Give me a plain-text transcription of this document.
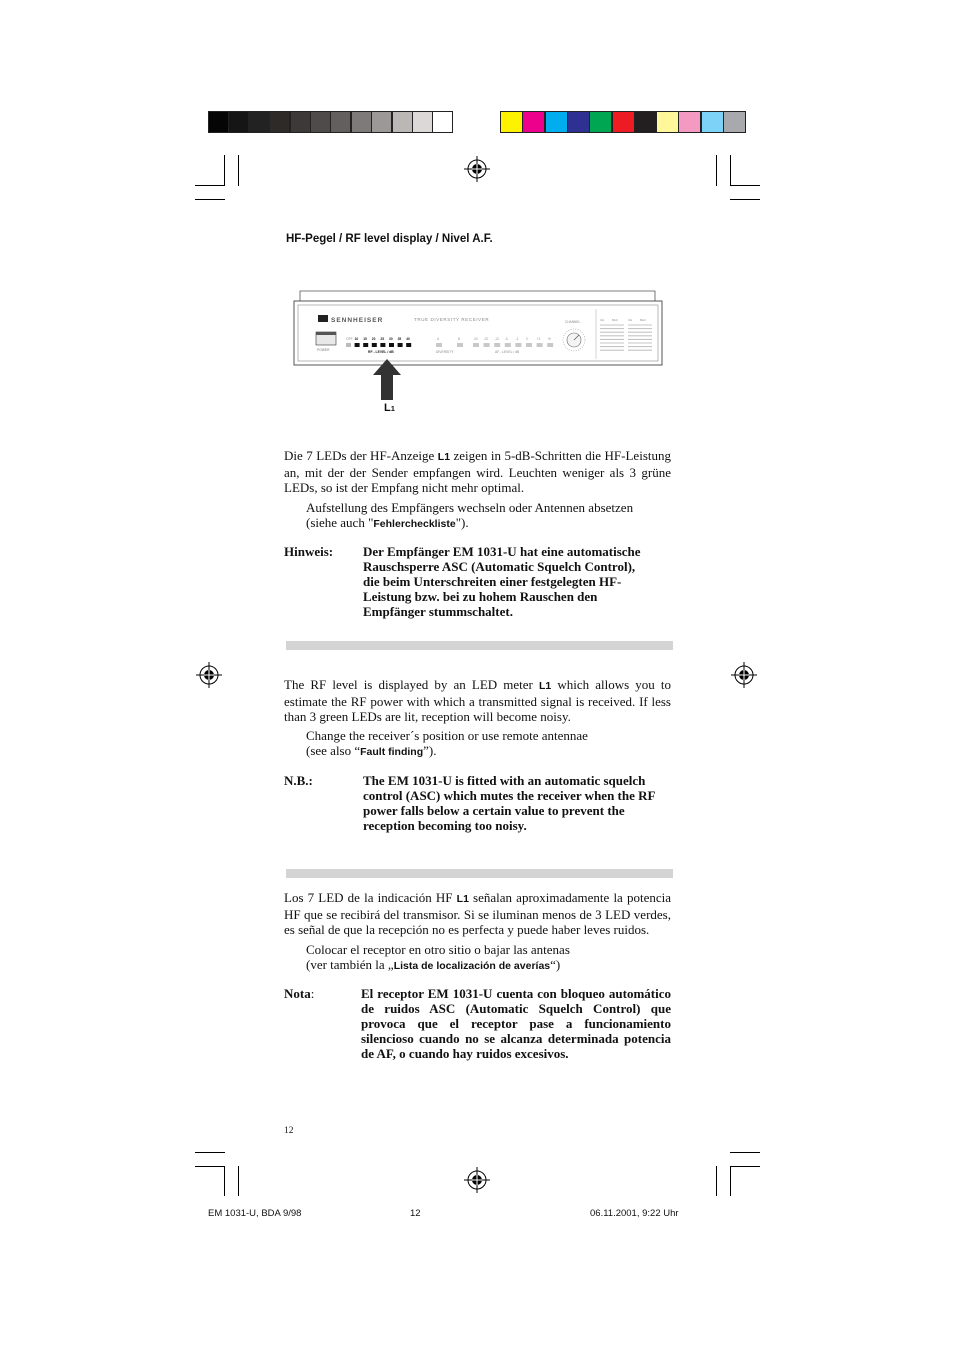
HF-Pegel / RF level display / Nivel A.F.
SENNHEISER	TRUE DIVERSITY RECEIVER
POWER
OFF 10 15 20 25 30 35 40
RF - LEVEL / dB
A	B
DIVERSITY
-30 -20 -10 -6 -3 0	+3 +6
AF - LEVEL / dB
CHANNEL	CH	MHz	CH	MHz
L1
Die 7 LEDs der HF-Anzeige L1 zeigen in 5-dB-Schritten die HF-Leistung an, mit der der Sender empfangen wird. Leuchten weniger als 3 grüne LEDs, so ist der Empfang nicht mehr optimal.
Aufstellung des Empfängers wechseln oder Antennen absetzen
(siehe auch "Fehlercheckliste").
Hinweis: Der Empfänger EM 1031-U hat eine automatische Rauschsperre ASC (Automatic Squelch Control), die beim Unterschreiten einer festgelegten HF-Leistung bzw. bei zu hohem Rauschen den Empfänger stummschaltet.
The RF level is displayed by an LED meter L1 which allows you to estimate the RF power with which a transmitted signal is received. If less than 3 green LEDs are lit, reception will become noisy.
Change the receiver´s position or use remote antennae
(see also “Fault finding”).
N.B.:	The EM 1031-U is fitted with an automatic squelch control (ASC) which mutes the receiver when the RF power falls below a certain value to prevent the reception becoming too noisy.
Los 7 LED de la indicación HF L1 señalan aproximadamente la potencia HF que se recibirá del transmisor. Si se iluminan menos de 3 LED verdes, es señal de que la recepción no es perfecta y puede haber leves ruidos.
Colocar el receptor en otro sitio o bajar las antenas
(ver también la „Lista de localización de averías“)
Nota:	El receptor EM 1031-U cuenta con bloqueo automático de ruidos ASC (Automatic Squelch Control) que provoca que el receptor pase a funcionamiento silencioso cuando no se alcanza determinada potencia de AF, o cuando hay ruidos excesivos.
12
EM 1031-U, BDA 9/98	12	06.11.2001, 9:22 Uhr
